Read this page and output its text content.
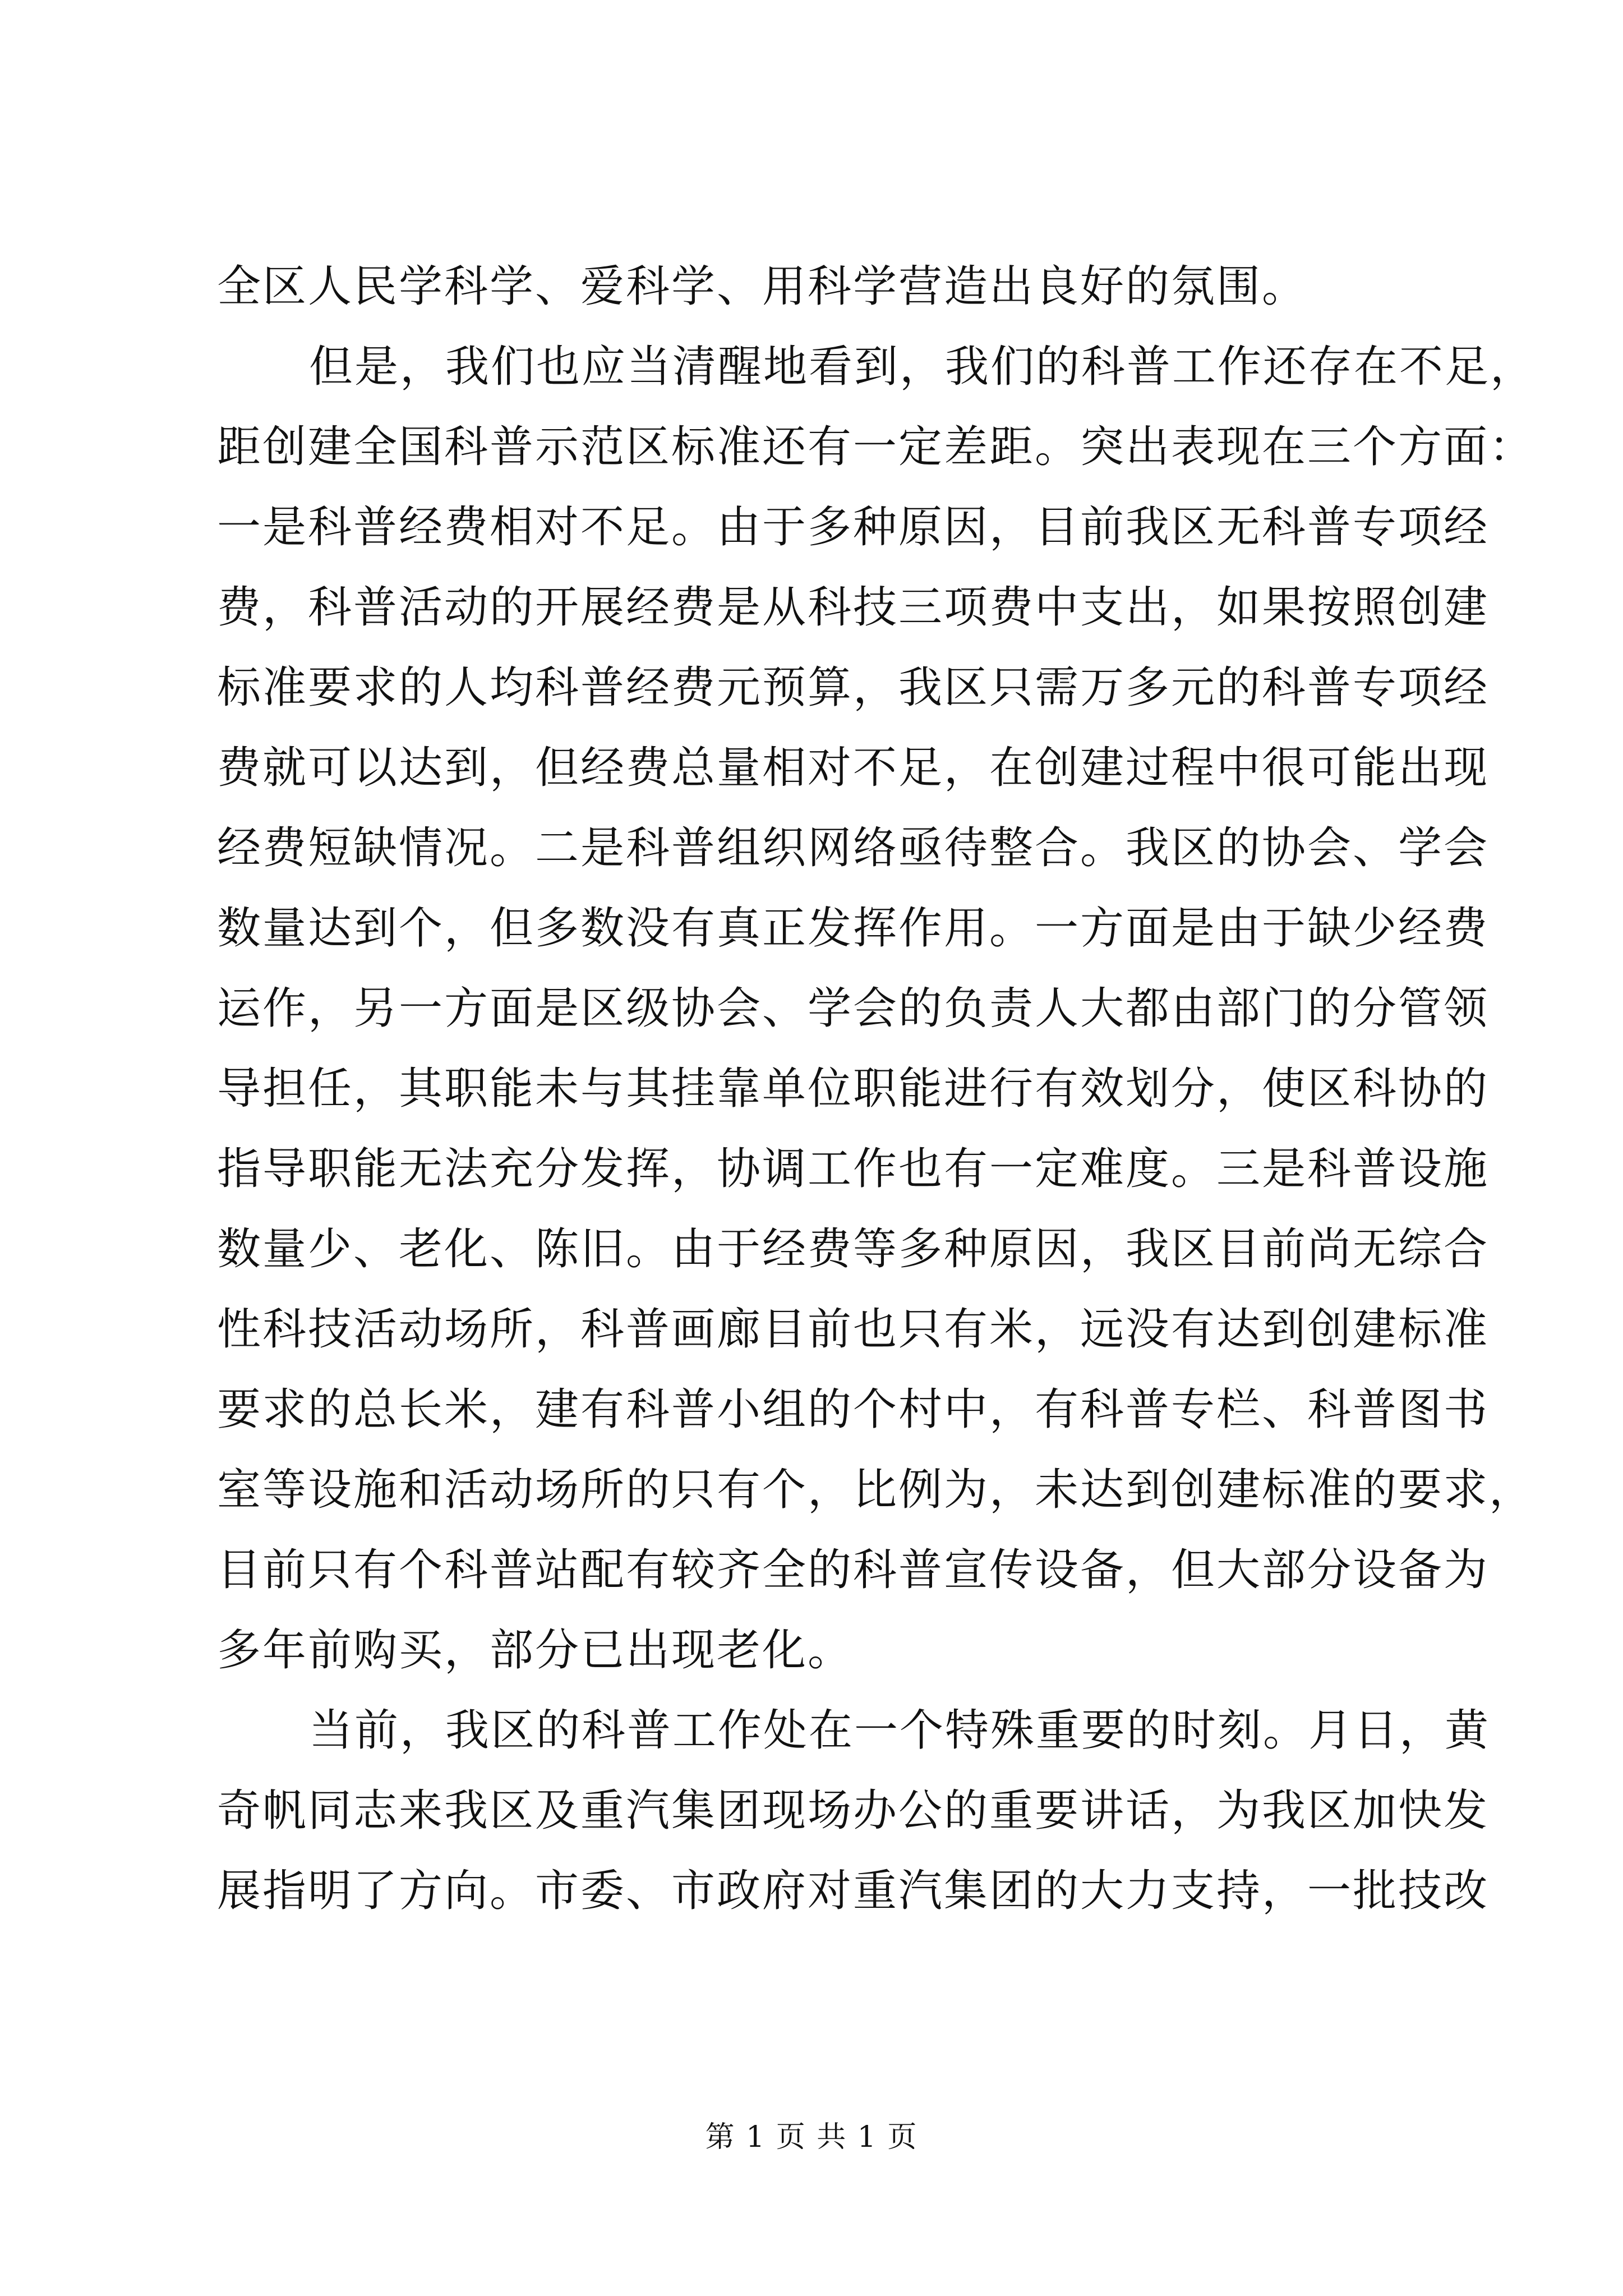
全区人民学科学、爱科学、用科学营造出良好的氛围。
但是，我们也应当清醒地看到，我们的科普工作还存在不足，
距创建全国科普示范区标准还有一定差距。突出表现在三个方面：
一是科普经费相对不足。由于多种原因，目前我区无科普专项经
费，科普活动的开展经费是从科技三项费中支出，如果按照创建
标准要求的人均科普经费元预算，我区只需万多元的科普专项经
费就可以达到，但经费总量相对不足，在创建过程中很可能出现
经费短缺情况。二是科普组织网络亟待整合。我区的协会、学会
数量达到个，但多数没有真正发挥作用。一方面是由于缺少经费
运作，另一方面是区级协会、学会的负责人大都由部门的分管领
导担任，其职能未与其挂靠单位职能进行有效划分，使区科协的
指导职能无法充分发挥，协调工作也有一定难度。三是科普设施
数量少、老化、陈旧。由于经费等多种原因，我区目前尚无综合
性科技活动场所，科普画廊目前也只有米，远没有达到创建标准
要求的总长米，建有科普小组的个村中，有科普专栏、科普图书
室等设施和活动场所的只有个，比例为，未达到创建标准的要求，
目前只有个科普站配有较齐全的科普宣传设备，但大部分设备为
多年前购买，部分已出现老化。
当前，我区的科普工作处在一个特殊重要的时刻。月日，黄
奇帆同志来我区及重汽集团现场办公的重要讲话，为我区加快发
展指明了方向。市委、市政府对重汽集团的大力支持，一批技改
第 1 页 共 1 页
